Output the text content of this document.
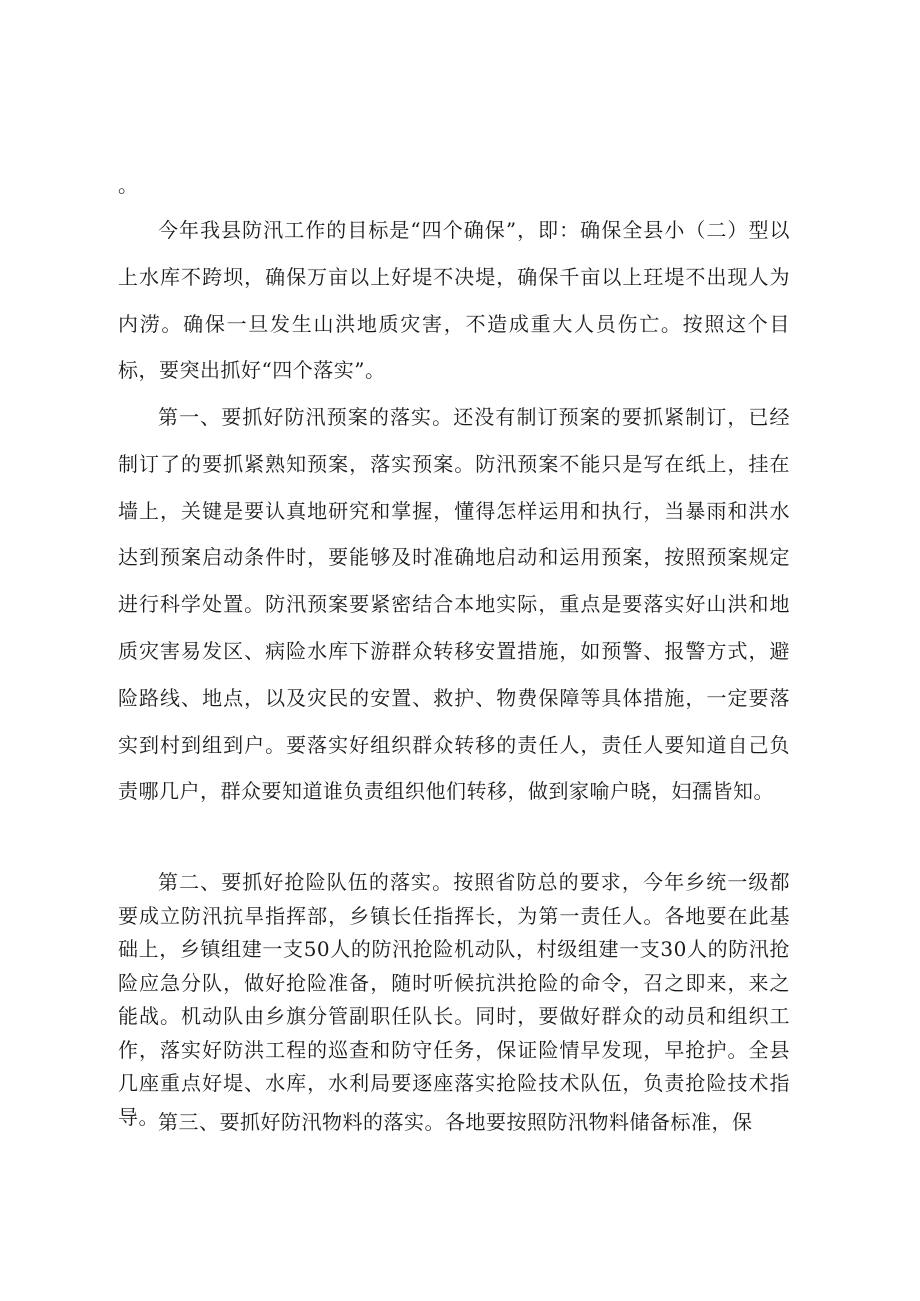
。

今年我县防汛工作的目标是“四个确保”，即：确保全县小（二）型以上水库不跨坝，确保万亩以上好堤不决堤，确保千亩以上玨堤不出现人为内涝。确保一旦发生山洪地质灾害，不造成重大人员伤亡。按照这个目标，要突出抓好“四个落实”。

第一、要抓好防汛预案的落实。还没有制订预案的要抓紧制订，已经制订了的要抓紧熟知预案，落实预案。防汛预案不能只是写在纸上，挂在墙上，关键是要认真地研究和掌握，懂得怎样运用和执行，当暴雨和洪水达到预案启动条件时，要能够及时准确地启动和运用预案，按照预案规定进行科学处置。防汛预案要紧密结合本地实际，重点是要落实好山洪和地质灾害易发区、病险水库下游群众转移安置措施，如预警、报警方式，避险路线、地点，以及灾民的安置、救护、物费保障等具体措施，一定要落实到村到组到户。要落实好组织群众转移的责任人，责任人要知道自己负责哪几户，群众要知道谁负责组织他们转移，做到家喻户晓，妇孺皆知。

第二、要抓好抢险队伍的落实。按照省防总的要求，今年乡统一级都要成立防汛抗旱指挥部，乡镇长任指挥长，为第一责任人。各地要在此基础上，乡镇组建一支50人的防汛抢险机动队，村级组建一支30人的防汛抢险应急分队，做好抢险准备，随时听候抗洪抢险的命令，召之即来，来之能战。机动队由乡旗分管副职任队长。同时，要做好群众的动员和组织工作，落实好防洪工程的巡查和防守任务，保证险情早发现，早抢护。全县几座重点好堤、水库，水利局要逐座落实抢险技术队伍，负责抢险技术指导。 第三、要抓好防汛物料的落实。各地要按照防汛物料储备标准，保
